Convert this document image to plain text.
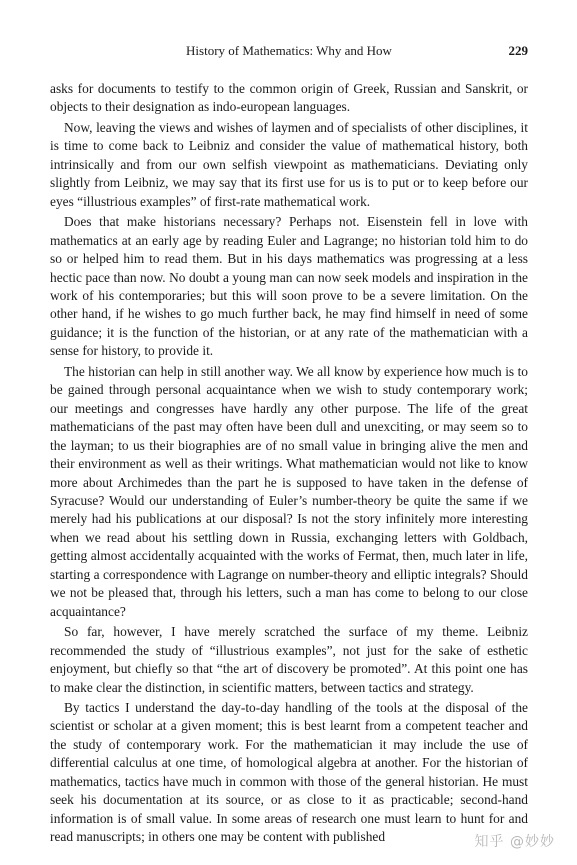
History of Mathematics: Why and How	229

asks for documents to testify to the common origin of Greek, Russian and Sanskrit, or objects to their designation as indo-european languages.

Now, leaving the views and wishes of laymen and of specialists of other disciplines, it is time to come back to Leibniz and consider the value of mathematical history, both intrinsically and from our own selfish viewpoint as mathematicians. Deviating only slightly from Leibniz, we may say that its first use for us is to put or to keep before our eyes “illustrious examples” of first-rate mathematical work.

Does that make historians necessary? Perhaps not. Eisenstein fell in love with mathematics at an early age by reading Euler and Lagrange; no historian told him to do so or helped him to read them. But in his days mathematics was progressing at a less hectic pace than now. No doubt a young man can now seek models and inspiration in the work of his contemporaries; but this will soon prove to be a severe limitation. On the other hand, if he wishes to go much further back, he may find himself in need of some guidance; it is the function of the historian, or at any rate of the mathematician with a sense for history, to provide it.

The historian can help in still another way. We all know by experience how much is to be gained through personal acquaintance when we wish to study contemporary work; our meetings and congresses have hardly any other purpose. The life of the great mathematicians of the past may often have been dull and unexciting, or may seem so to the layman; to us their biographies are of no small value in bringing alive the men and their environment as well as their writings. What mathematician would not like to know more about Archimedes than the part he is supposed to have taken in the defense of Syracuse? Would our understanding of Euler’s number-theory be quite the same if we merely had his publications at our disposal? Is not the story infinitely more interesting when we read about his settling down in Russia, exchanging letters with Goldbach, getting almost accidentally acquainted with the works of Fermat, then, much later in life, starting a correspondence with Lagrange on number-theory and elliptic integrals? Should we not be pleased that, through his letters, such a man has come to belong to our close acquaintance?

So far, however, I have merely scratched the surface of my theme. Leibniz recommended the study of “illustrious examples”, not just for the sake of esthetic enjoyment, but chiefly so that “the art of discovery be promoted”. At this point one has to make clear the distinction, in scientific matters, between tactics and strategy.

By tactics I understand the day-to-day handling of the tools at the disposal of the scientist or scholar at a given moment; this is best learnt from a competent teacher and the study of contemporary work. For the mathematician it may include the use of differential calculus at one time, of homological algebra at another. For the historian of mathematics, tactics have much in common with those of the general historian. He must seek his documentation at its source, or as close to it as practicable; second-hand information is of small value. In some areas of research one must learn to hunt for and read manuscripts; in others one may be content with published	知乎 @妙妙
